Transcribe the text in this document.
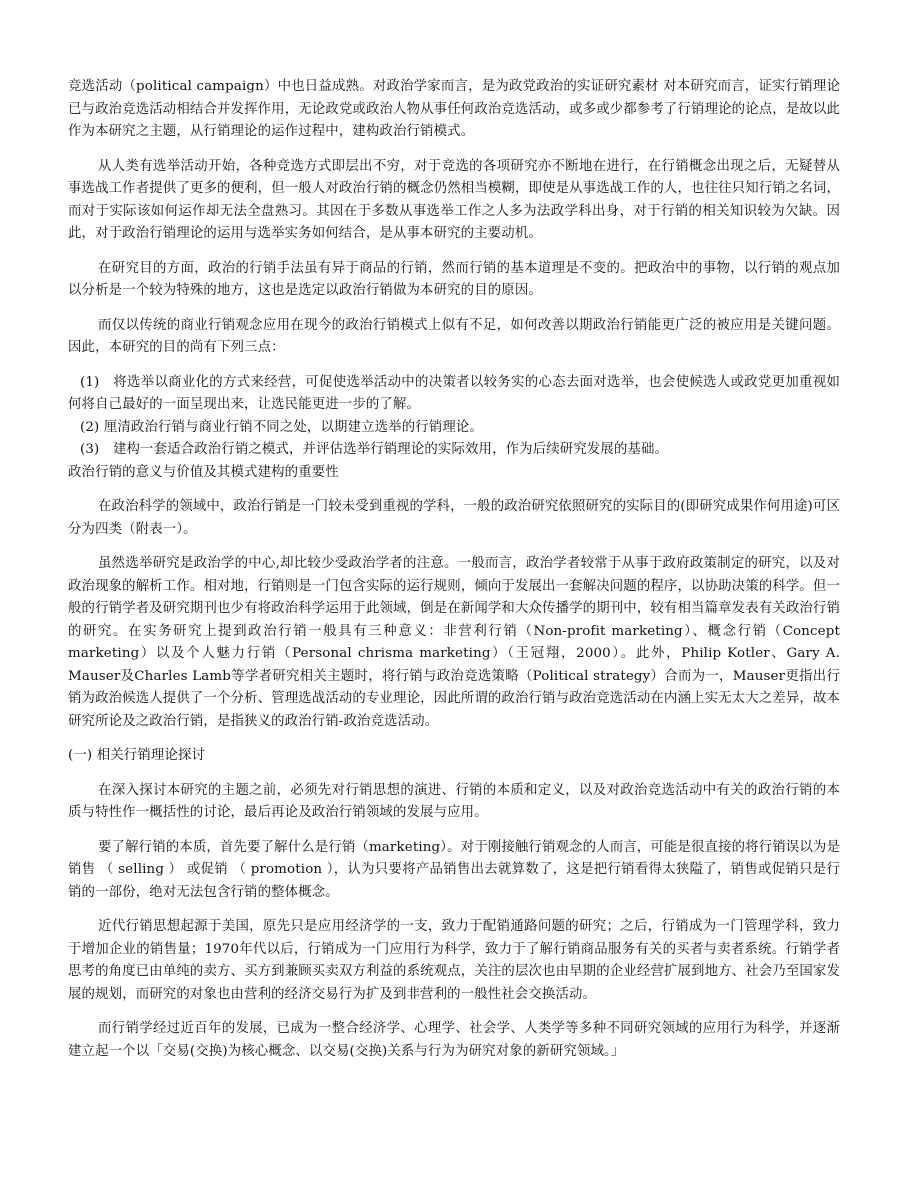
竞选活动（political campaign）中也日益成熟。对政治学家而言，是为政党政治的实证研究素材 对本研究而言，证实行销理论已与政治竞选活动相结合并发挥作用，无论政党或政治人物从事任何政治竞选活动，或多或少都参考了行销理论的论点，是故以此作为本研究之主题，从行销理论的运作过程中，建构政治行销模式。

从人类有选举活动开始，各种竞选方式即层出不穷，对于竞选的各项研究亦不断地在进行，在行销概念出现之后，无疑替从事选战工作者提供了更多的便利，但一般人对政治行销的概念仍然相当模糊，即使是从事选战工作的人，也往往只知行销之名词，而对于实际该如何运作却无法全盘熟习。其因在于多数从事选举工作之人多为法政学科出身，对于行销的相关知识较为欠缺。因此，对于政治行销理论的运用与选举实务如何结合，是从事本研究的主要动机。

在研究目的方面，政治的行销手法虽有异于商品的行销，然而行销的基本道理是不变的。把政治中的事物，以行销的观点加以分析是一个较为特殊的地方，这也是选定以政治行销做为本研究的目的原因。

而仅以传统的商业行销观念应用在现今的政治行销模式上似有不足，如何改善以期政治行销能更广泛的被应用是关键问题。因此，本研究的目的尚有下列三点：

(1)　将选举以商业化的方式来经营，可促使选举活动中的决策者以较务实的心态去面对选举，也会使候选人或政党更加重视如何将自己最好的一面呈现出来，让选民能更进一步的了解。

(2) 厘清政治行销与商业行销不同之处，以期建立选举的行销理论。

(3)　建构一套适合政治行销之模式，并评估选举行销理论的实际效用，作为后续研究发展的基础。

政治行销的意义与价值及其模式建构的重要性

在政治科学的领域中，政治行销是一门较未受到重视的学科，一般的政治研究依照研究的实际目的(即研究成果作何用途)可区分为四类（附表一）。

虽然选举研究是政治学的中心,却比较少受政治学者的注意。一般而言，政治学者较常于从事于政府政策制定的研究，以及对政治现象的解析工作。相对地，行销则是一门包含实际的运行规则，倾向于发展出一套解决问题的程序，以协助决策的科学。但一般的行销学者及研究期刊也少有将政治科学运用于此领域，倒是在新闻学和大众传播学的期刊中，较有相当篇章发表有关政治行销的研究。在实务研究上提到政治行销一般具有三种意义：非营利行销（Non-profit marketing）、概念行销（Concept marketing）以及个人魅力行销（Personal chrisma marketing）（王冠翔，2000）。此外，Philip Kotler、Gary A. Mauser及Charles Lamb等学者研究相关主题时，将行销与政治竞选策略（Political strategy）合而为一，Mauser更指出行销为政治候选人提供了一个分析、管理选战活动的专业理论，因此所谓的政治行销与政治竞选活动在内涵上实无太大之差异，故本研究所论及之政治行销，是指狭义的政治行销-政治竞选活动。

(一) 相关行销理论探讨

在深入探讨本研究的主题之前，必须先对行销思想的演进、行销的本质和定义，以及对政治竞选活动中有关的政治行销的本质与特性作一概括性的讨论，最后再论及政治行销领域的发展与应用。

要了解行销的本质，首先要了解什么是行销（marketing）。对于刚接触行销观念的人而言，可能是很直接的将行销误以为是销售 （ selling ） 或促销 （ promotion ），认为只要将产品销售出去就算数了，这是把行销看得太狭隘了，销售或促销只是行销的一部份，绝对无法包含行销的整体概念。

近代行销思想起源于美国，原先只是应用经济学的一支，致力于配销通路问题的研究；之后，行销成为一门管理学科，致力于增加企业的销售量；1970年代以后，行销成为一门应用行为科学，致力于了解行销商品服务有关的买者与卖者系统。行销学者思考的角度已由单纯的卖方、买方到兼顾买卖双方利益的系统观点，关注的层次也由早期的企业经营扩展到地方、社会乃至国家发展的规划，而研究的对象也由营利的经济交易行为扩及到非营利的一般性社会交换活动。

而行销学经过近百年的发展，已成为一整合经济学、心理学、社会学、人类学等多种不同研究领域的应用行为科学，并逐渐建立起一个以「交易(交换)为核心概念、以交易(交换)关系与行为为研究对象的新研究领域。」
